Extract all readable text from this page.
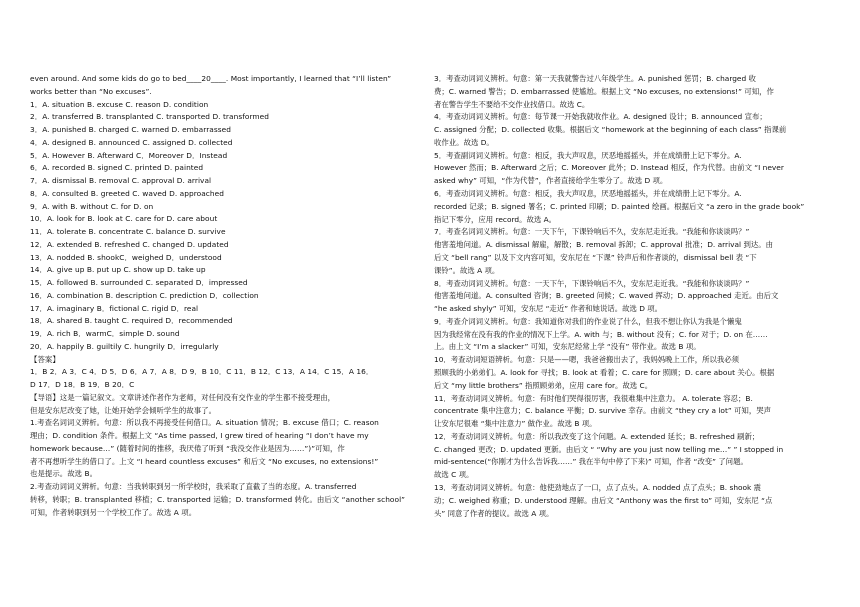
even around. And some kids do go to bed____20____. Most importantly, I learned that “I’ll listen”
works better than “No excuses”.
1．A. situation B. excuse C. reason D. condition
2．A. transferred B. transplanted C. transported D. transformed
3．A. punished B. charged C. warned D. embarrassed
4．A. designed B. announced C. assigned D. collected
5．A. However B. Afterward C．Moreover D．Instead
6．A. recorded B. signed C. printed D. painted
7．A. dismissal B. removal C. approval D. arrival
8．A. consulted B. greeted C. waved D. approached
9．A. with B. without C. for D. on
10．A. look for B. look at C. care for D. care about
11．A. tolerate B. concentrate C. balance D. survive
12．A. extended B. refreshed C. changed D. updated
13．A. nodded B. shookC．weighed D．understood
14．A. give up B. put up C. show up D. take up
15．A. followed B. surrounded C. separated D．impressed
16．A. combination B. description C. prediction D．collection
17．A. imaginary B．fictional C. rigid D．real
18．A. shared B. taught C. required D．recommended
19．A. rich B．warmC．simple D. sound
20．A. happily B. guiltily C. hungrily D．irregularly
【答案】
1．B 2．A 3．C 4．D 5．D 6．A 7．A 8．D 9．B 10．C 11．B 12．C 13．A 14．C 15．A 16．
D 17．D 18．B 19．B 20．C
【导语】这是一篇记叙文。文章讲述作者作为老师，对任何没有交作业的学生都不接受理由，
但是安东尼改变了她，让她开始学会倾听学生的故事了。
1.考查名词词义辨析。句意：所以我不再接受任何借口。A. situation 情况；B. excuse 借口；C. reason
理由；D. condition 条件。根据上文 “As time passed, I grew tired of hearing “I don’t have my
homework because…” (随着时间的推移，我厌倦了听到 “我没交作业是因为……”)”可知，作
者不再想听学生的借口了。上文 “I heard countless excuses” 和后文 “No excuses, no extensions!”
也是提示。故选 B。
2.考查动词词义辨析。句意：当我转职到另一所学校时，我采取了直截了当的态度。A. transferred
转移，转职；B. transplanted 移植；C. transported 运输；D. transformed 转化。由后文 “another school”
可知，作者转职到另一个学校工作了。故选 A 项。
3．考查动词词义辨析。句意：第一天我就警告过八年级学生。A. punished 惩罚；B. charged 收
费；C. warned 警告；D. embarrassed 使尴尬。根据上文 “No excuses, no extensions!” 可知，作
者在警告学生不要给不交作业找借口。故选 C。
4．考查动词词义辨析。句意：每节课一开始我就收作业。A. designed 设计；B. announced 宣布；
C. assigned 分配；D. collected 收集。根据后文 “homework at the beginning of each class” 指课前
收作业。故选 D。
5．考查副词词义辨析。句意：相反，我大声叹息，厌恶地摇摇头，并在成绩册上记下零分。A.
However 然而；B. Afterward 之后；C. Moreover 此外；D. Instead 相反，作为代替。由前文 “I never
asked why” 可知，“作为代替”，作者直接给学生零分了。故选 D 项。
6．考查动词词义辨析。句意：相反，我大声叹息，厌恶地摇摇头，并在成绩册上记下零分。A.
recorded 记录；B. signed 署名；C. printed 印刷；D. painted 绘画。根据后文 “a zero in the grade book”
指记下零分，应用 record。故选 A。
7．考查名词词义辨析。句意：一天下午，下课铃响后不久，安东尼走近我。“我能和你谈谈吗？”
他害羞地问道。A. dismissal 解雇，解散；B. removal 拆卸；C. approval 批准；D. arrival 到达。由
后文 “bell rang” 以及下文内容可知，安东尼在 “下课” 铃声后和作者谈的，dismissal bell 表 “下
课铃”。故选 A 项。
8．考查动词词义辨析。句意：一天下午，下课铃响后不久，安东尼走近我。“我能和你谈谈吗？”
他害羞地问道。A. consulted 咨询；B. greeted 问候；C. waved 挥动；D. approached 走近。由后文
“he asked shyly” 可知，安东尼 “走近” 作者和她说话。故选 D 项。
9．考查介词词义辨析。句意：我知道你对我们的作业说了什么，但我不想让你认为我是个懒鬼
因为我经常在没有我的作业的情况下上学。A. with 与；B. without 没有；C. for 对于；D. on 在……
上。由上文 “I’m a slacker” 可知，安东尼经常上学 “没有” 带作业。故选 B 项。
10．考查动词短语辨析。句意：只是——嗯，我爸爸搬出去了，我妈妈晚上工作，所以我必须
照顾我的小弟弟们。A. look for 寻找；B. look at 看着；C. care for 照顾；D. care about 关心。根据
后文 “my little brothers” 指照顾弟弟，应用 care for。故选 C。
11．考查动词词义辨析。句意：有时他们哭得很厉害，我很难集中注意力。 A. tolerate 容忍；B.
concentrate 集中注意力；C. balance 平衡；D. survive 幸存。由前文 “they cry a lot” 可知，哭声
让安东尼很难 “集中注意力” 做作业。故选 B 项。
12．考查动词词义辨析。句意：所以我改变了这个问题。A. extended 延长；B. refreshed 刷新；
C. changed 更改；D. updated 更新。由后文 “ “Why are you just now telling me…” ” I stopped in
mid-sentence(“你刚才为什么告诉我……” 我在半句中停了下来)” 可知，作者 “改变” 了问题。
故选 C 项。
13．考查动词词义辨析。句意：他使劲地点了一口，点了点头。A. nodded 点了点头；B. shook 震
动；C. weighed 称重；D. understood 理解。由后文 “Anthony was the first to” 可知，安东尼 “点
头” 同意了作者的提议。故选 A 项。
